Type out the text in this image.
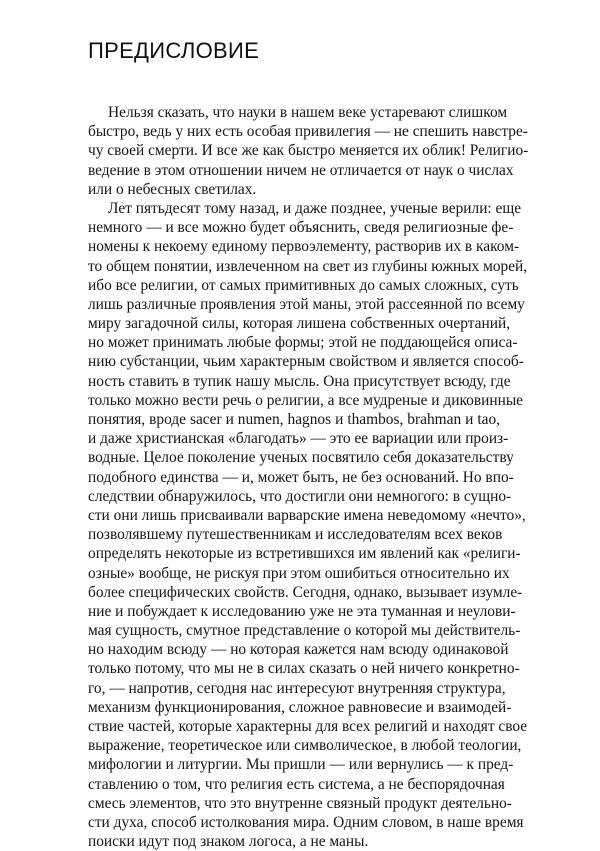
ПРЕДИСЛОВИЕ
Нельзя сказать, что науки в нашем веке устаревают слишком
быстро, ведь у них есть особая привилегия — не спешить навстре-
чу своей смерти. И все же как быстро меняется их облик! Религио-
ведение в этом отношении ничем не отличается от наук о числах
или о небесных светилах.
Лет пятьдесят тому назад, и даже позднее, ученые верили: еще
немного — и все можно будет объяснить, сведя религиозные фе-
номены к некоему единому первоэлементу, растворив их в каком-
то общем понятии, извлеченном на свет из глубины южных морей,
ибо все религии, от самых примитивных до самых сложных, суть
лишь различные проявления этой маны, этой рассеянной по всему
миру загадочной силы, которая лишена собственных очертаний,
но может принимать любые формы; этой не поддающейся описа-
нию субстанции, чьим характерным свойством и является способ-
ность ставить в тупик нашу мысль. Она присутствует всюду, где
только можно вести речь о религии, а все мудреные и диковинные
понятия, вроде sacer и numen, hagnos и thambos, brahman и tao,
и даже христианская «благодать» — это ее вариации или произ-
водные. Целое поколение ученых посвятило себя доказательству
подобного единства — и, может быть, не без оснований. Но впо-
следствии обнаружилось, что достигли они немногого: в сущно-
сти они лишь присваивали варварские имена неведомому «нечто»,
позволявшему путешественникам и исследователям всех веков
определять некоторые из встретившихся им явлений как «религи-
озные» вообще, не рискуя при этом ошибиться относительно их
более специфических свойств. Сегодня, однако, вызывает изумле-
ние и побуждает к исследованию уже не эта туманная и неулови-
мая сущность, смутное представление о которой мы действитель-
но находим всюду — но которая кажется нам всюду одинаковой
только потому, что мы не в силах сказать о ней ничего конкретно-
го, — напротив, сегодня нас интересуют внутренняя структура,
механизм функционирования, сложное равновесие и взаимодей-
ствие частей, которые характерны для всех религий и находят свое
выражение, теоретическое или символическое, в любой теологии,
мифологии и литургии. Мы пришли — или вернулись — к пред-
ставлению о том, что религия есть система, а не беспорядочная
смесь элементов, что это внутренне связный продукт деятельно-
сти духа, способ истолкования мира. Одним словом, в наше время
поиски идут под знаком логоса, а не маны.
